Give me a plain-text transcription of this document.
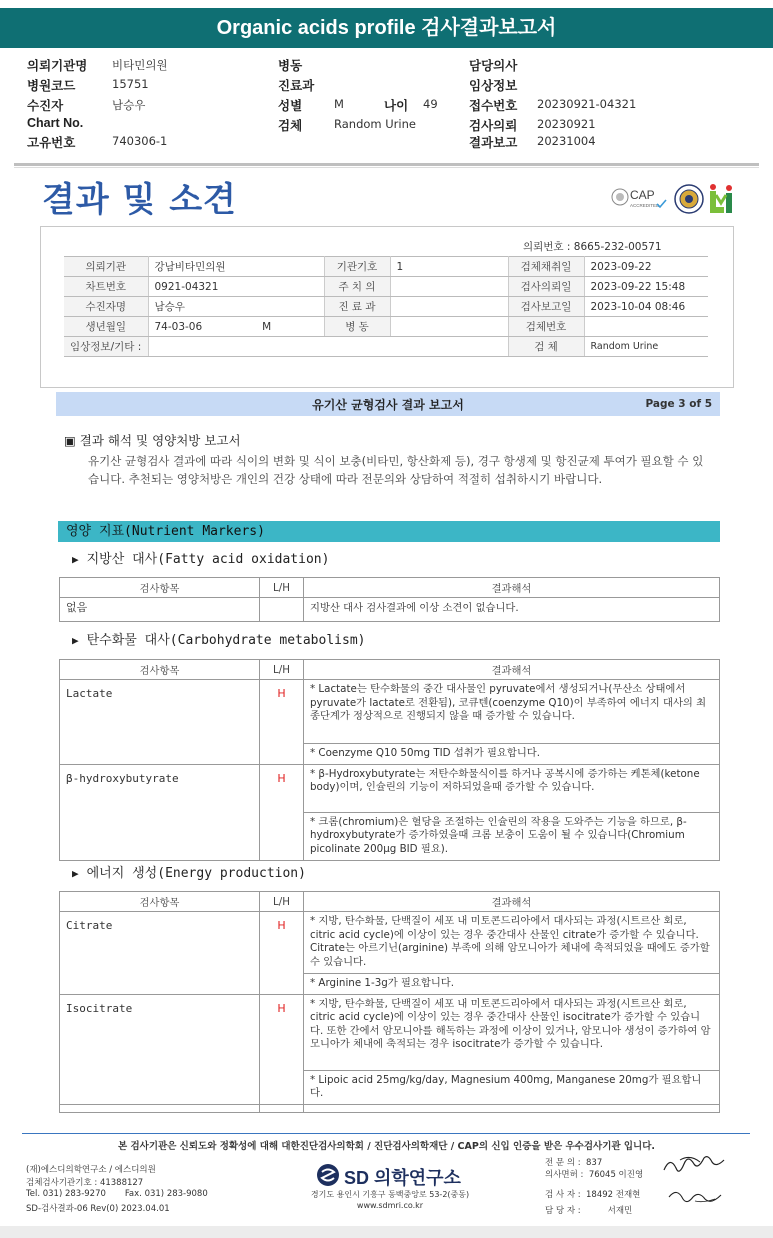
Organic acids profile 검사결과보고서
의뢰기관명 비타민의원
병원코드	15751
수진자	남승우
Chart No.
고유번호	740306-1
병동
진료과
성별	M	나이 49
검체	Random Urine
담당의사
임상정보
접수번호 20230921-04321
검사의뢰 20230921
결과보고 20231004
결과 및 소견	CAP
ACCREDITED
의뢰번호 : 8665-232-00571
의뢰기관	강남비타민의원	기관기호	1	검체채취일	2023-09-22
차트번호	0921-04321	주 치 의		검사의뢰일	2023-09-22 15:48
수진자명	남승우	진 료 과		검사보고일	2023-10-04 08:46
생년월일	74-03-06 M	병 동		검체번호	
임상정보/기타 :				검 체	Random Urine
유기산 균형검사 결과 보고서	Page 3 of 5
▣ 결과 해석 및 영양처방 보고서
유기산 균형검사 결과에 따라 식이의 변화 및 식이 보충(비타민, 항산화제 등), 경구 항생제 및 항진균제 투여가 필요할 수 있습니다. 추천되는 영양처방은 개인의 건강 상태에 따라 전문의와 상담하여 적절히 섭취하시기 바랍니다.
영양 지표(Nutrient Markers)
▶ 지방산 대사(Fatty acid oxidation)
검사항목	L/H	결과해석
없음		지방산 대사 검사결과에 이상 소견이 없습니다.
▶ 탄수화물 대사(Carbohydrate metabolism)
검사항목	L/H	결과해석
Lactate	H	* Lactate는 탄수화물의 중간 대사물인 pyruvate에서 생성되거나(무산소 상태에서 pyruvate가 lactate로 전환됨), 코큐텐(coenzyme Q10)이 부족하여 에너지 대사의 최종단계가 정상적으로 진행되지 않을 때 증가할 수 있습니다.
		* Coenzyme Q10 50mg TID 섭취가 필요합니다.
β-hydroxybutyrate	H	* β-Hydroxybutyrate는 저탄수화물식이를 하거나 공복시에 증가하는 케톤체(ketone body)이며, 인슐린의 기능이 저하되었을때 증가할 수 있습니다.
		* 크롬(chromium)은 혈당을 조절하는 인슐린의 작용을 도와주는 기능을 하므로, β-hydroxybutyrate가 증가하였을때 크롬 보충이 도움이 될 수 있습니다(Chromium picolinate 200μg BID 필요).
▶ 에너지 생성(Energy production)
검사항목	L/H	결과해석
Citrate	H	* 지방, 탄수화물, 단백질이 세포 내 미토콘드리아에서 대사되는 과정(시트르산 회로, citric acid cycle)에 이상이 있는 경우 중간대사 산물인 citrate가 증가할 수 있습니다. Citrate는 아르기닌(arginine) 부족에 의해 암모니아가 체내에 축적되었을 때에도 증가할 수 있습니다.
		* Arginine 1-3g가 필요합니다.
Isocitrate	H	* 지방, 탄수화물, 단백질이 세포 내 미토콘드리아에서 대사되는 과정(시트르산 회로, citric acid cycle)에 이상이 있는 경우 중간대사 산물인 isocitrate가 증가할 수 있습니다. 또한 간에서 암모니아를 해독하는 과정에 이상이 있거나, 암모니아 생성이 증가하여 암모니아가 체내에 축적되는 경우 isocitrate가 증가할 수 있습니다.
		* Lipoic acid 25mg/kg/day, Magnesium 400mg, Manganese 20mg가 필요합니다.

본 검사기관은 신뢰도와 정확성에 대해 대한진단검사의학회 / 진단검사의학재단 / CAP의 신입 인증을 받은 우수검사기관 입니다.
(재)에스디의학연구소 / 에스디의원
검체검사기관기호 : 41388127
Tel. 031) 283-9270       Fax. 031) 283-9080
SD-검사결과-06 Rev(0) 2023.04.01
SD 의학연구소
경기도 용인시 기흥구 동백중앙로 53-2(중동)
www.sdmri.co.kr
전 문 의 :  837
의사면허 :  76045 이진영
검 사 자 :  18492 전재현
담 당 자 :          서재민
